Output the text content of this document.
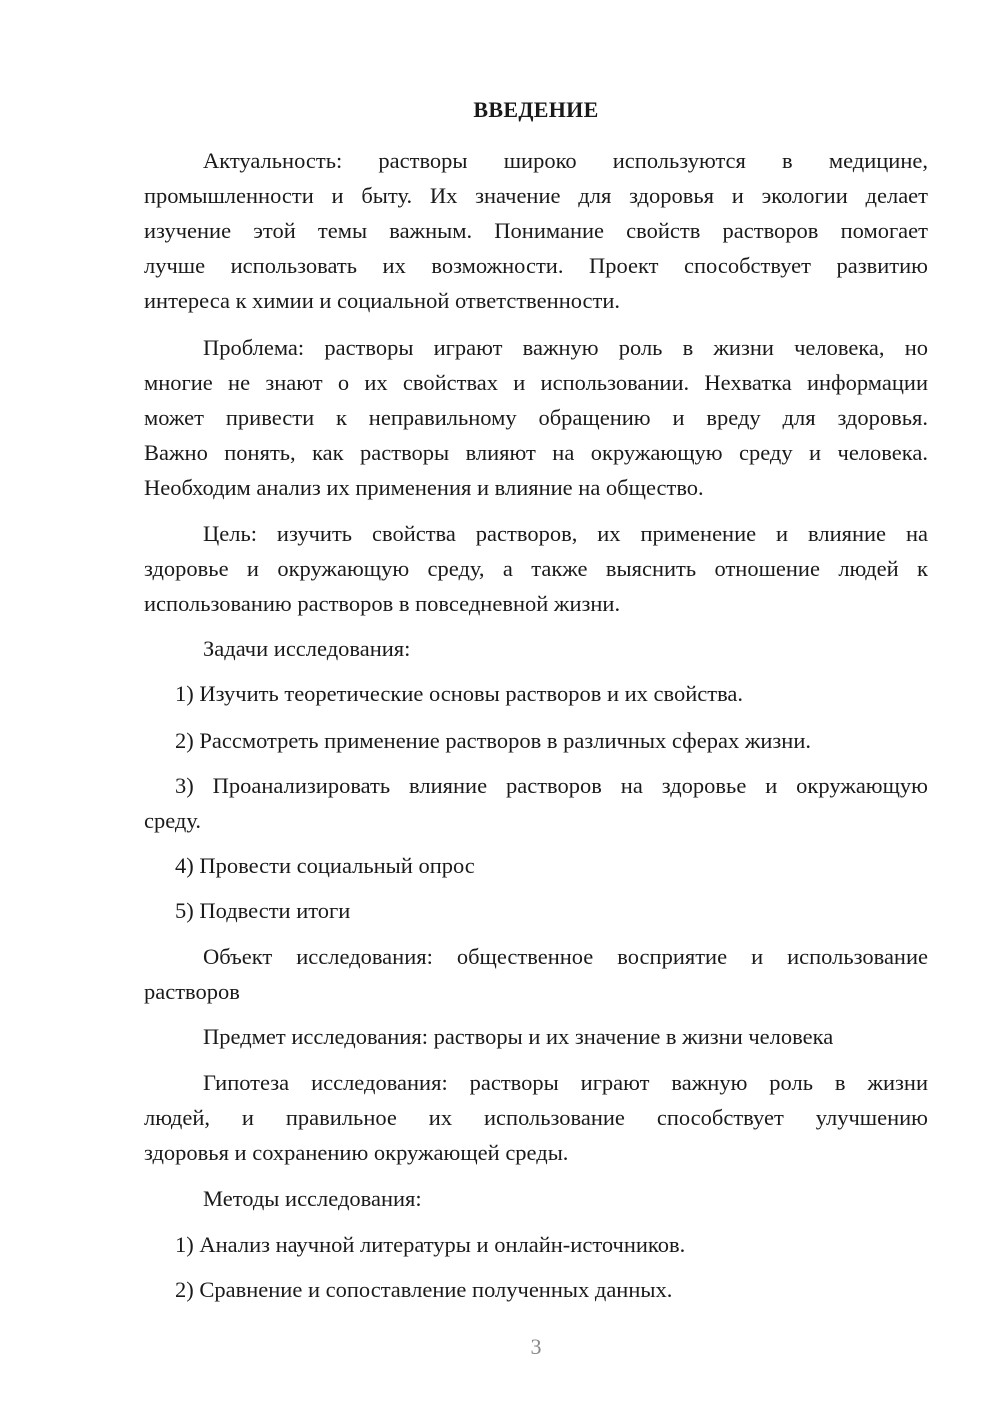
ВВЕДЕНИЕ
Актуальность: растворы широко используются в медицине,
промышленности и быту. Их значение для здоровья и экологии делает
изучение этой темы важным. Понимание свойств растворов помогает
лучше использовать их возможности. Проект способствует развитию
интереса к химии и социальной ответственности.
Проблема: растворы играют важную роль в жизни человека, но
многие не знают о их свойствах и использовании. Нехватка информации
может привести к неправильному обращению и вреду для здоровья.
Важно понять, как растворы влияют на окружающую среду и человека.
Необходим анализ их применения и влияние на общество.
Цель: изучить свойства растворов, их применение и влияние на
здоровье и окружающую среду, а также выяснить отношение людей к
использованию растворов в повседневной жизни.
Задачи исследования:
1) Изучить теоретические основы растворов и их свойства.
2) Рассмотреть применение растворов в различных сферах жизни.
3) Проанализировать влияние растворов на здоровье и окружающую
среду.
4) Провести социальный опрос
5) Подвести итоги
Объект исследования: общественное восприятие и использование
растворов
Предмет исследования: растворы и их значение в жизни человека
Гипотеза исследования: растворы играют важную роль в жизни
людей, и правильное их использование способствует улучшению
здоровья и сохранению окружающей среды.
Методы исследования:
1) Анализ научной литературы и онлайн-источников.
2) Сравнение и сопоставление полученных данных.
3
